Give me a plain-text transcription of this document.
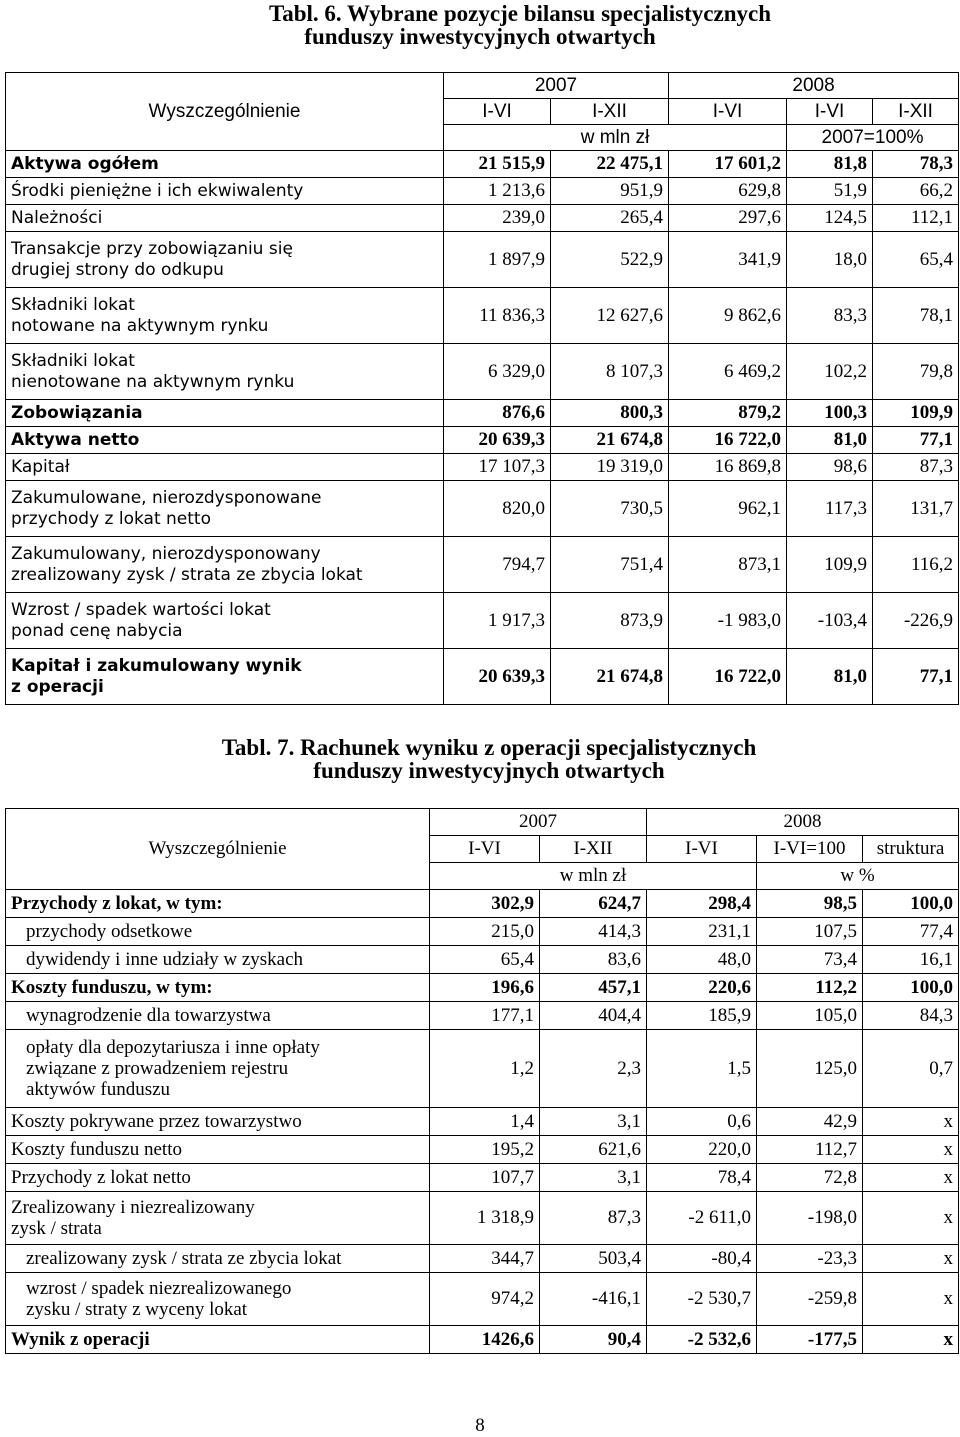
Tabl. 6. Wybrane pozycje bilansu specjalistycznych
funduszy inwestycyjnych otwartych
Wyszczególnienie	2007		2008		
	I-VI	I-XII	I-VI	I-VI	I-XII
	w mln zł			2007=100%	

Aktywa ogółem	21 515,9	22 475,1	17 601,2	81,8	78,3

Środki pieniężne i ich ekwiwalenty	1 213,6	951,9	629,8	51,9	66,2

Należności	239,0	265,4	297,6	124,5	112,1

Transakcje przy zobowiązaniu się
drugiej strony do odkupu	1 897,9	522,9	341,9	18,0	65,4

Składniki lokat
notowane na aktywnym rynku	11 836,3	12 627,6	9 862,6	83,3	78,1

Składniki lokat
nienotowane na aktywnym rynku	6 329,0	8 107,3	6 469,2	102,2	79,8

Zobowiązania	876,6	800,3	879,2	100,3	109,9

Aktywa netto	20 639,3	21 674,8	16 722,0	81,0	77,1

Kapitał	17 107,3	19 319,0	16 869,8	98,6	87,3

Zakumulowane, nierozdysponowane
przychody z lokat netto	820,0	730,5	962,1	117,3	131,7

Zakumulowany, nierozdysponowany
zrealizowany zysk / strata ze zbycia lokat	794,7	751,4	873,1	109,9	116,2

Wzrost / spadek wartości lokat
ponad cenę nabycia	1 917,3	873,9	-1 983,0	-103,4	-226,9

Kapitał i zakumulowany wynik
z operacji	20 639,3	21 674,8	16 722,0	81,0	77,1
Tabl. 7. Rachunek wyniku z operacji specjalistycznych
funduszy inwestycyjnych otwartych
Wyszczególnienie	2007		2008		
	I-VI	I-XII	I-VI	I-VI=100	struktura
	w mln zł			w %	

Przychody z lokat, w tym:	302,9	624,7	298,4	98,5	100,0

przychody odsetkowe	215,0	414,3	231,1	107,5	77,4

dywidendy i inne udziały w zyskach	65,4	83,6	48,0	73,4	16,1

Koszty funduszu, w tym:	196,6	457,1	220,6	112,2	100,0

wynagrodzenie dla towarzystwa	177,1	404,4	185,9	105,0	84,3

opłaty dla depozytariusza i inne opłaty
związane z prowadzeniem rejestru
aktywów funduszu	1,2	2,3	1,5	125,0	0,7

Koszty pokrywane przez towarzystwo	1,4	3,1	0,6	42,9	x

Koszty funduszu netto	195,2	621,6	220,0	112,7	x

Przychody z lokat netto	107,7	3,1	78,4	72,8	x

Zrealizowany i niezrealizowany
zysk / strata	1 318,9	87,3	-2 611,0	-198,0	x

zrealizowany zysk / strata ze zbycia lokat	344,7	503,4	-80,4	-23,3	x

wzrost / spadek niezrealizowanego
zysku / straty z wyceny lokat	974,2	-416,1	-2 530,7	-259,8	x

Wynik z operacji	1426,6	90,4	-2 532,6	-177,5	x
8
